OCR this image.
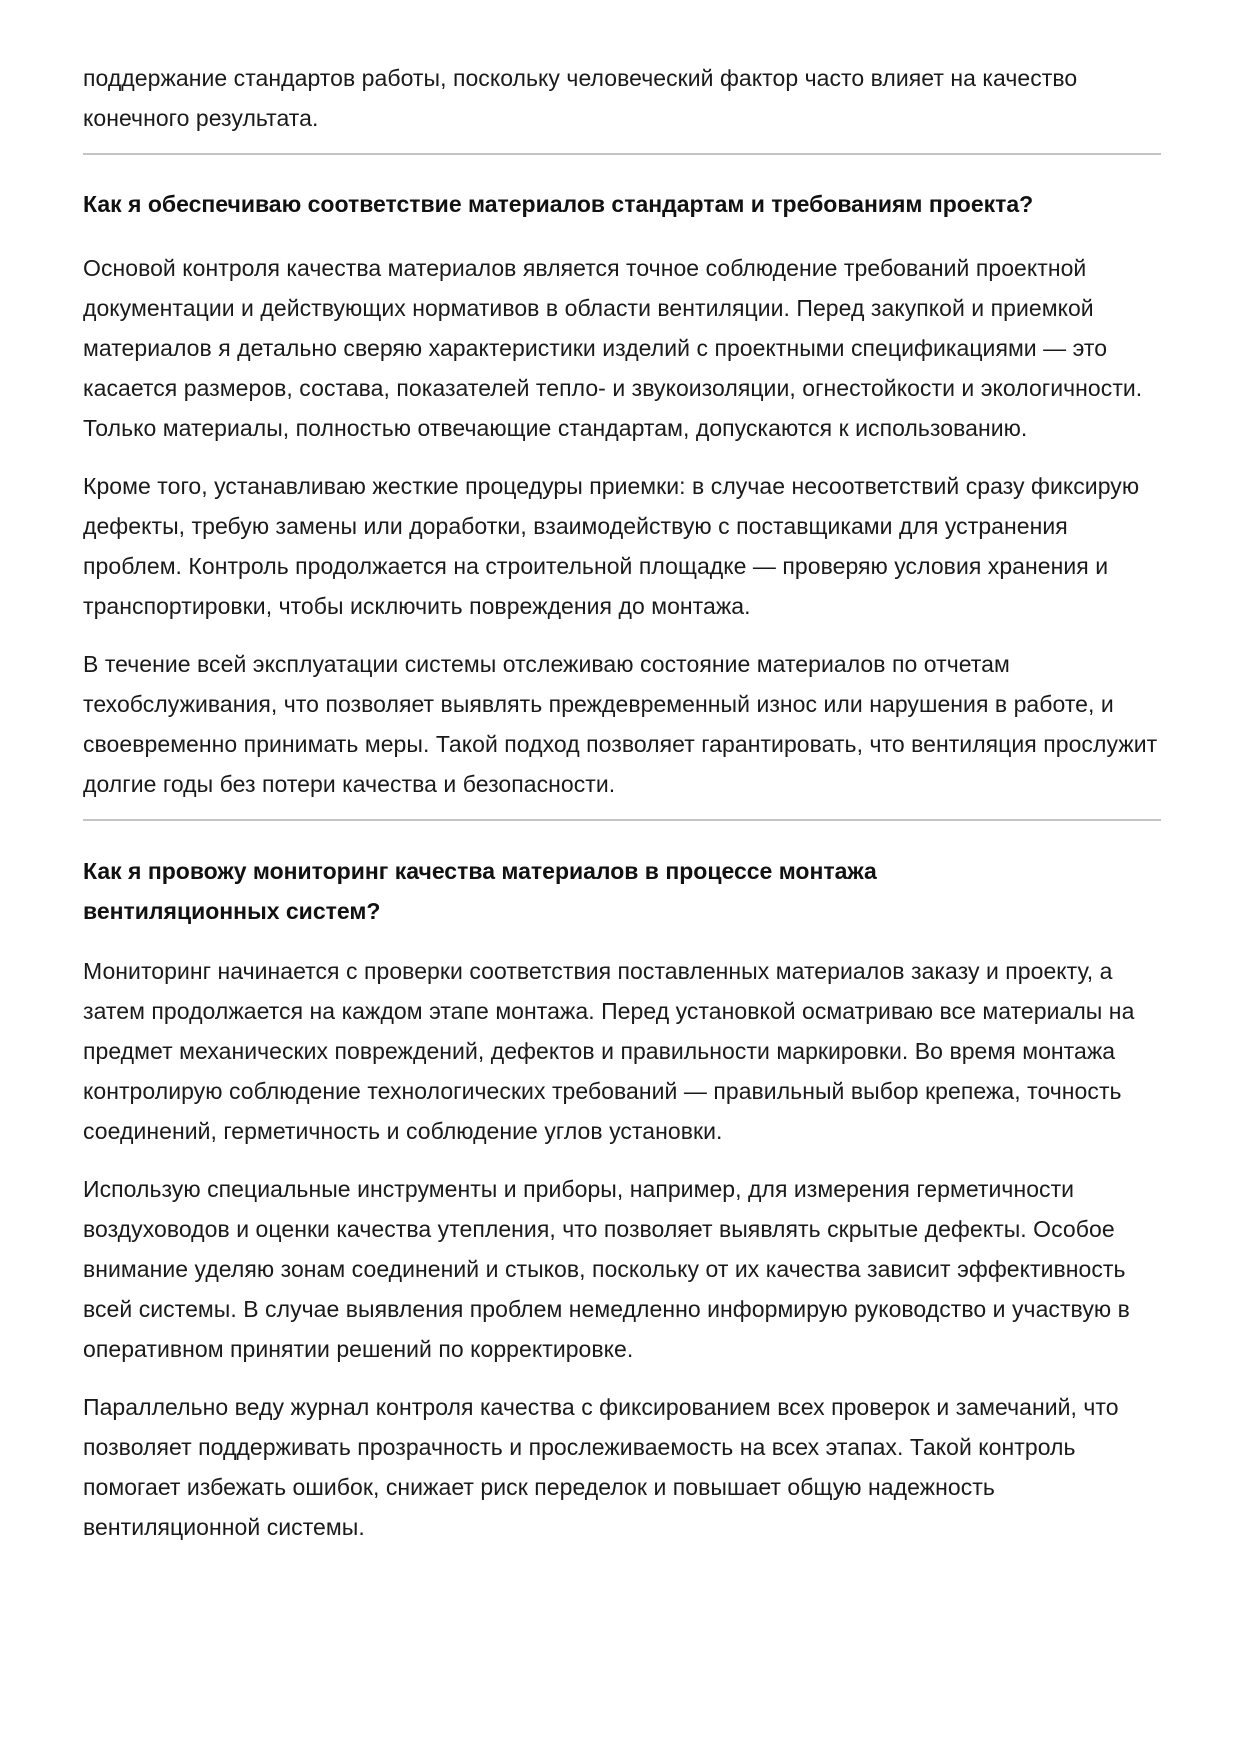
поддержание стандартов работы, поскольку человеческий фактор часто влияет на качество конечного результата.

Как я обеспечиваю соответствие материалов стандартам и требованиям проекта?

Основой контроля качества материалов является точное соблюдение требований проектной документации и действующих нормативов в области вентиляции. Перед закупкой и приемкой материалов я детально сверяю характеристики изделий с проектными спецификациями — это касается размеров, состава, показателей тепло- и звукоизоляции, огнестойкости и экологичности. Только материалы, полностью отвечающие стандартам, допускаются к использованию.

Кроме того, устанавливаю жесткие процедуры приемки: в случае несоответствий сразу фиксирую дефекты, требую замены или доработки, взаимодействую с поставщиками для устранения проблем. Контроль продолжается на строительной площадке — проверяю условия хранения и транспортировки, чтобы исключить повреждения до монтажа.

В течение всей эксплуатации системы отслеживаю состояние материалов по отчетам техобслуживания, что позволяет выявлять преждевременный износ или нарушения в работе, и своевременно принимать меры. Такой подход позволяет гарантировать, что вентиляция прослужит долгие годы без потери качества и безопасности.

Как я провожу мониторинг качества материалов в процессе монтажа вентиляционных систем?

Мониторинг начинается с проверки соответствия поставленных материалов заказу и проекту, а затем продолжается на каждом этапе монтажа. Перед установкой осматриваю все материалы на предмет механических повреждений, дефектов и правильности маркировки. Во время монтажа контролирую соблюдение технологических требований — правильный выбор крепежа, точность соединений, герметичность и соблюдение углов установки.

Использую специальные инструменты и приборы, например, для измерения герметичности воздуховодов и оценки качества утепления, что позволяет выявлять скрытые дефекты. Особое внимание уделяю зонам соединений и стыков, поскольку от их качества зависит эффективность всей системы. В случае выявления проблем немедленно информирую руководство и участвую в оперативном принятии решений по корректировке.

Параллельно веду журнал контроля качества с фиксированием всех проверок и замечаний, что позволяет поддерживать прозрачность и прослеживаемость на всех этапах. Такой контроль помогает избежать ошибок, снижает риск переделок и повышает общую надежность вентиляционной системы.
